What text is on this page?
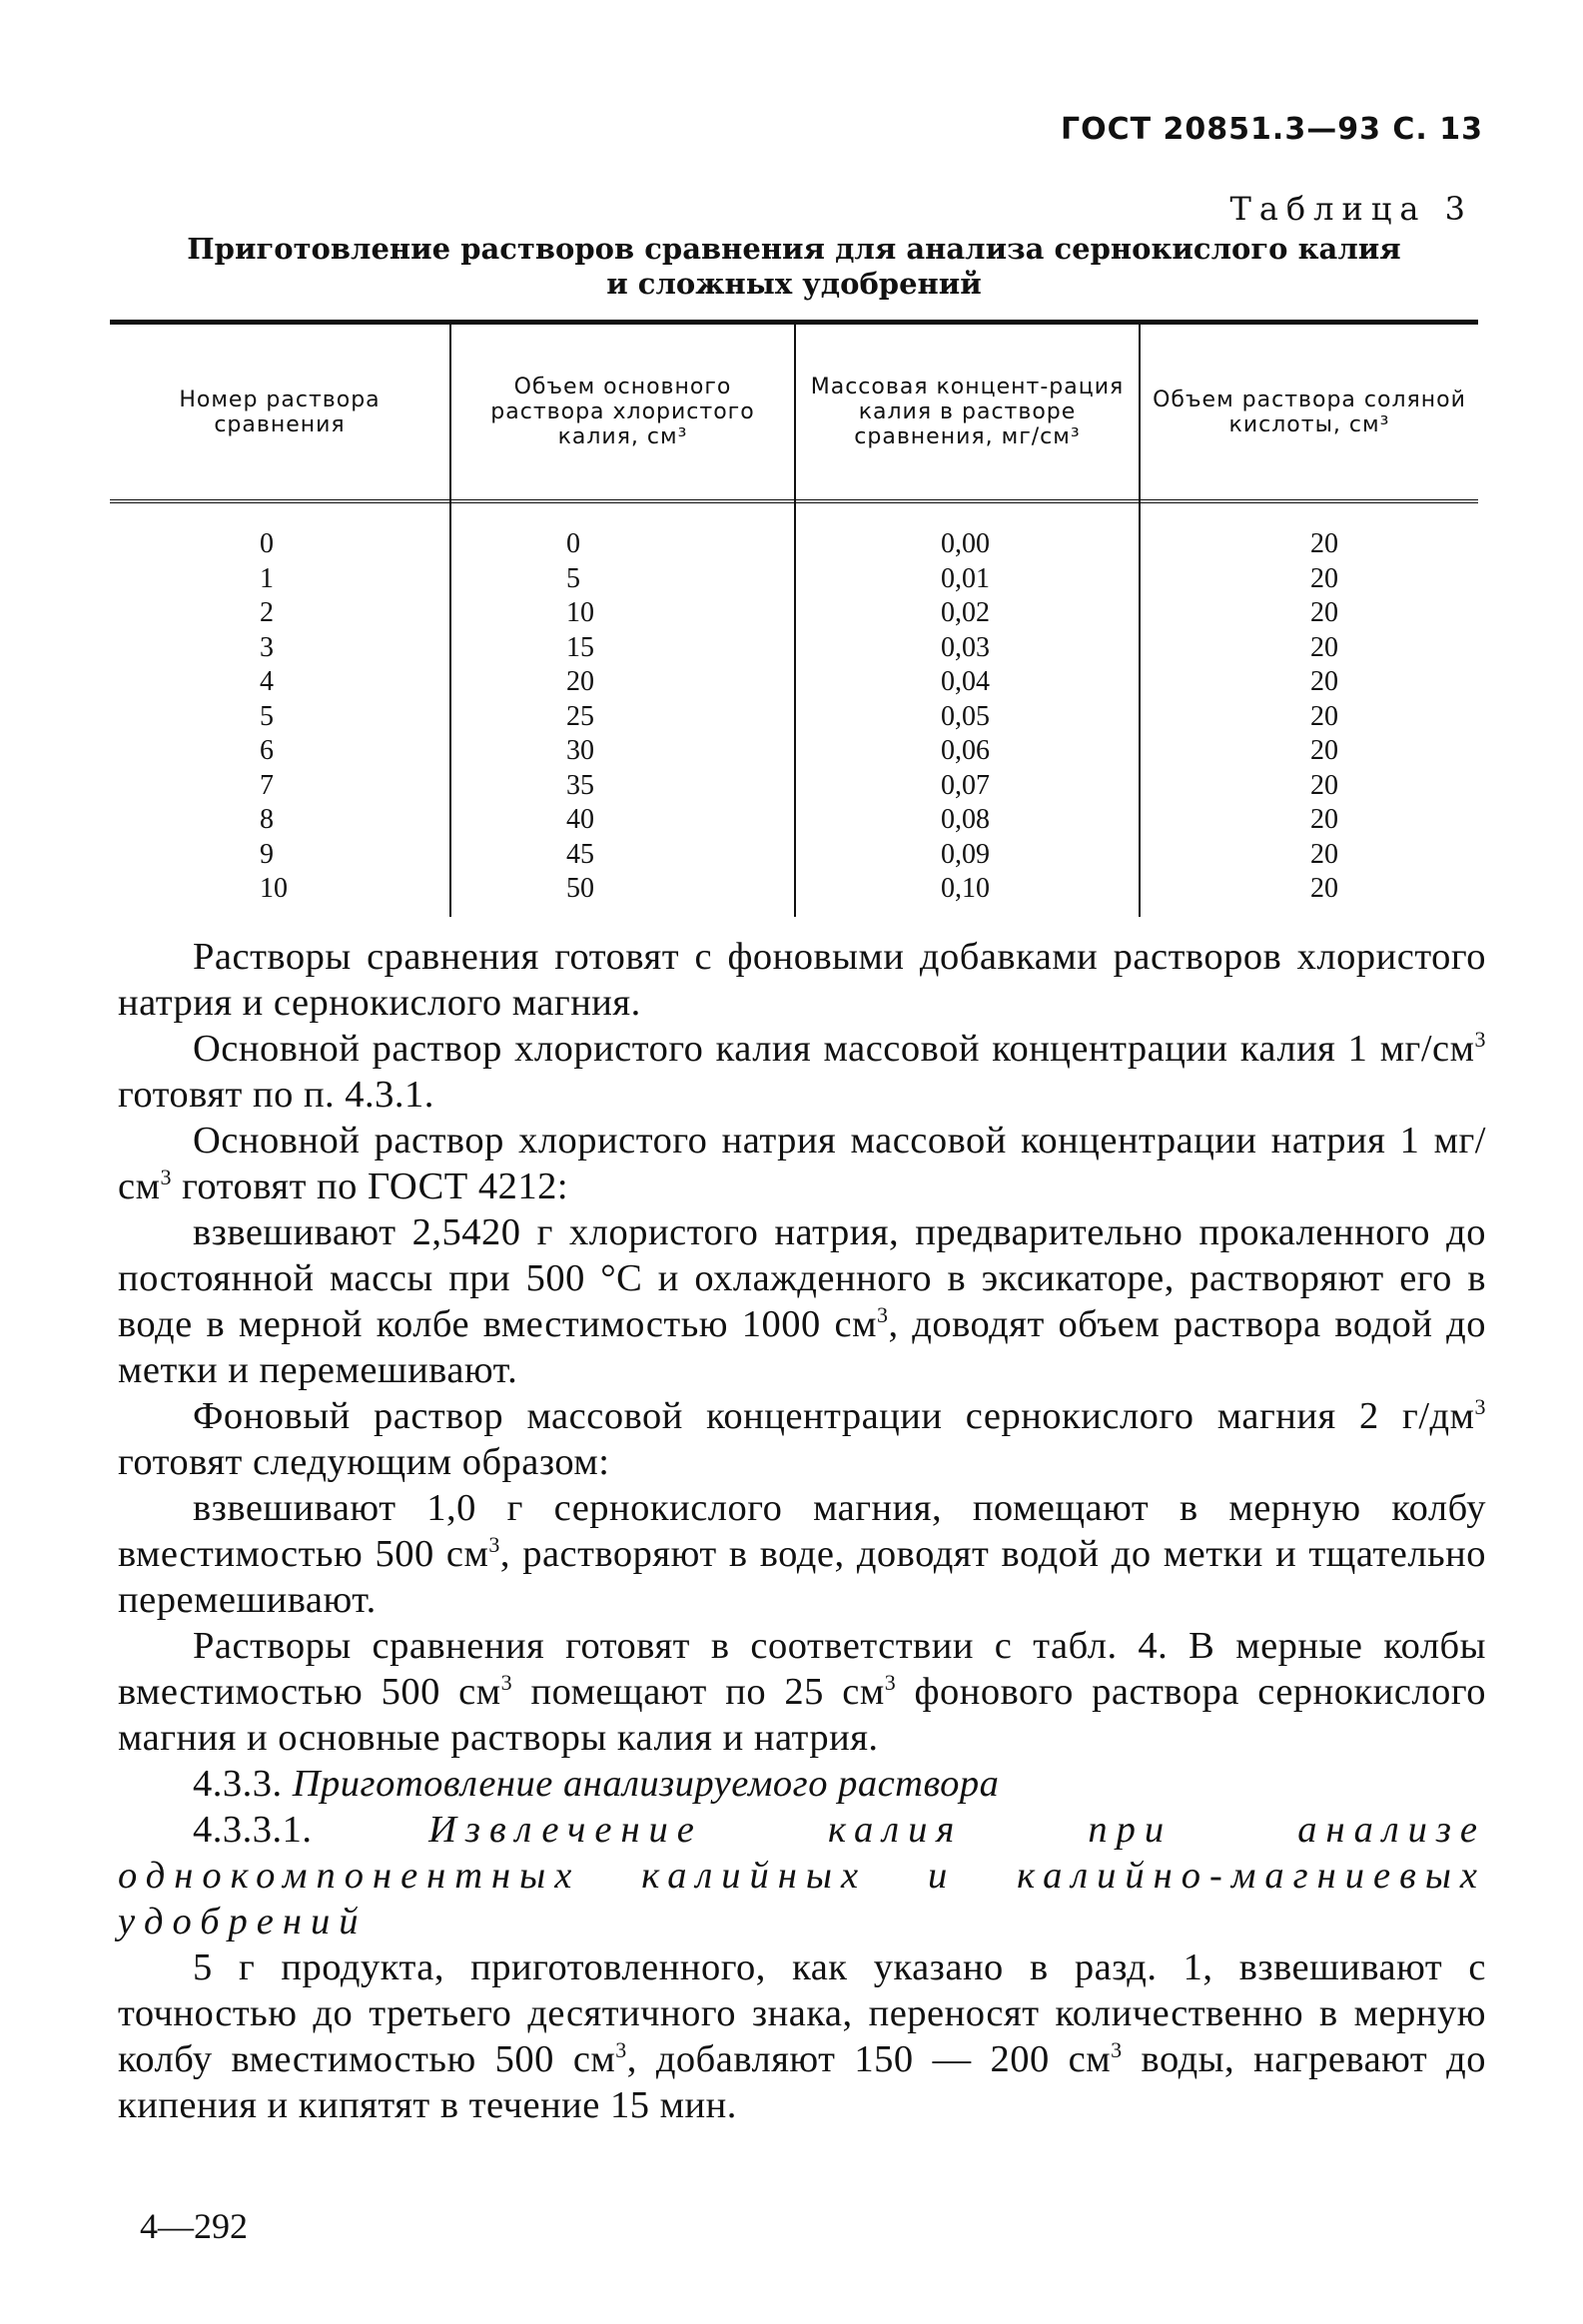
ГОСТ 20851.3—93 С. 13
Таблица 3
Приготовление растворов сравнения для анализа сернокислого калия
и сложных удобрений
Номер раствора сравнения
Объем основного раствора хлористого калия, см³
Массовая концент-рация калия в растворе сравнения, мг/см³
Объем раствора соляной кислоты, см³
0
1
2
3
4
5
6
7
8
9
10
0
5
10
15
20
25
30
35
40
45
50
0,00
0,01
0,02
0,03
0,04
0,05
0,06
0,07
0,08
0,09
0,10
20
20
20
20
20
20
20
20
20
20
20

Растворы сравнения готовят с фоновыми добавками растворов хлористого натрия и сернокислого магния.

Основной раствор хлористого калия массовой концентрации калия 1 $мг/см^3$ готовят по п. 4.3.1.

Основной раствор хлористого натрия массовой концентрации натрия 1 $мг/см^3$ готовят по ГОСТ 4212:

взвешивают 2,5420 г хлористого натрия, предварительно прокаленного до постоянной массы при 500 °С и охлажденного в эксикаторе, растворяют его в воде в мерной колбе вместимостью 1000 $см^3$, доводят объем раствора водой до метки и перемешивают.

Фоновый раствор массовой концентрации сернокислого магния 2 $г/дм^3$ готовят следующим образом:

взвешивают 1,0 г сернокислого магния, помещают в мерную колбу вместимостью 500 $см^3$, растворяют в воде, доводят водой до метки и тщательно перемешивают.

Растворы сравнения готовят в соответствии с табл. 4. В мерные колбы вместимостью 500 $см^3$ помещают по 25 $см^3$ фонового раствора сернокислого магния и основные растворы калия и натрия.

4.3.3. Приготовление анализируемого раствора

4.3.3.1.	Извлечение калия при анализе однокомпонентных калийных и калийно-магниевых удобрений

5 г продукта, приготовленного, как указано в разд. 1, взвешивают с точностью до третьего десятичного знака, переносят количественно в мерную колбу вместимостью 500 $см^3$, добавляют 150 — 200 $см^3$ воды, нагревают до кипения и кипятят в течение 15 мин.

4—292
